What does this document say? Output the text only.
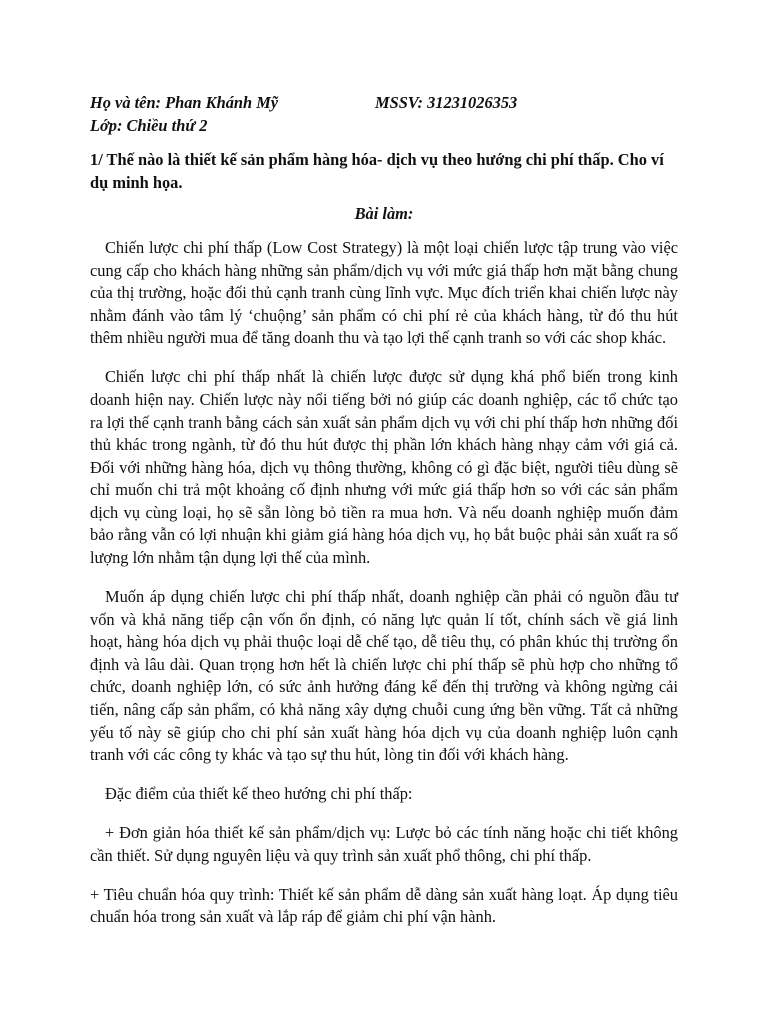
Họ và tên: Phan Khánh Mỹ	MSSV: 31231026353
Lớp: Chiều thứ 2
1/ Thế nào là thiết kế sản phẩm hàng hóa- dịch vụ theo hướng chi phí thấp. Cho ví dụ minh họa.
Bài làm:

Chiến lược chi phí thấp (Low Cost Strategy) là một loại chiến lược tập trung vào việc cung cấp cho khách hàng những sản phẩm/dịch vụ với mức giá thấp hơn mặt bằng chung của thị trường, hoặc đối thủ cạnh tranh cùng lĩnh vực. Mục đích triển khai chiến lược này nhằm đánh vào tâm lý ‘chuộng’ sản phẩm có chi phí rẻ của khách hàng, từ đó thu hút thêm nhiều người mua để tăng doanh thu và tạo lợi thế cạnh tranh so với các shop khác.

Chiến lược chi phí thấp nhất là chiến lược được sử dụng khá phổ biến trong kinh doanh hiện nay. Chiến lược này nổi tiếng bởi nó giúp các doanh nghiệp, các tổ chức tạo ra lợi thế cạnh tranh bằng cách sản xuất sản phẩm dịch vụ với chi phí thấp hơn những đối thủ khác trong ngành, từ đó thu hút được thị phần lớn khách hàng nhạy cảm với giá cả. Đối với những hàng hóa, dịch vụ thông thường, không có gì đặc biệt, người tiêu dùng sẽ chỉ muốn chi trả một khoảng cố định nhưng với mức giá thấp hơn so với các sản phẩm dịch vụ cùng loại, họ sẽ sẵn lòng bỏ tiền ra mua hơn. Và nếu doanh nghiệp muốn đảm bảo rằng vẫn có lợi nhuận khi giảm giá hàng hóa dịch vụ, họ bắt buộc phải sản xuất ra số lượng lớn nhằm tận dụng lợi thế của mình.

Muốn áp dụng chiến lược chi phí thấp nhất, doanh nghiệp cần phải có nguồn đầu tư vốn và khả năng tiếp cận vốn ổn định, có năng lực quản lí tốt, chính sách về giá linh hoạt, hàng hóa dịch vụ phải thuộc loại dễ chế tạo, dễ tiêu thụ, có phân khúc thị trường ổn định và lâu dài. Quan trọng hơn hết là chiến lược chi phí thấp sẽ phù hợp cho những tổ chức, doanh nghiệp lớn, có sức ảnh hưởng đáng kể đến thị trường và không ngừng cải tiến, nâng cấp sản phẩm, có khả năng xây dựng chuỗi cung ứng bền vững. Tất cả những yếu tố này sẽ giúp cho chi phí sản xuất hàng hóa dịch vụ của doanh nghiệp luôn cạnh tranh với các công ty khác và tạo sự thu hút, lòng tin đối với khách hàng.

Đặc điểm của thiết kế theo hướng chi phí thấp:

+ Đơn giản hóa thiết kế sản phẩm/dịch vụ: Lược bỏ các tính năng hoặc chi tiết không cần thiết. Sử dụng nguyên liệu và quy trình sản xuất phổ thông, chi phí thấp.

+ Tiêu chuẩn hóa quy trình: Thiết kế sản phẩm dễ dàng sản xuất hàng loạt. Áp dụng tiêu chuẩn hóa trong sản xuất và lắp ráp để giảm chi phí vận hành.
